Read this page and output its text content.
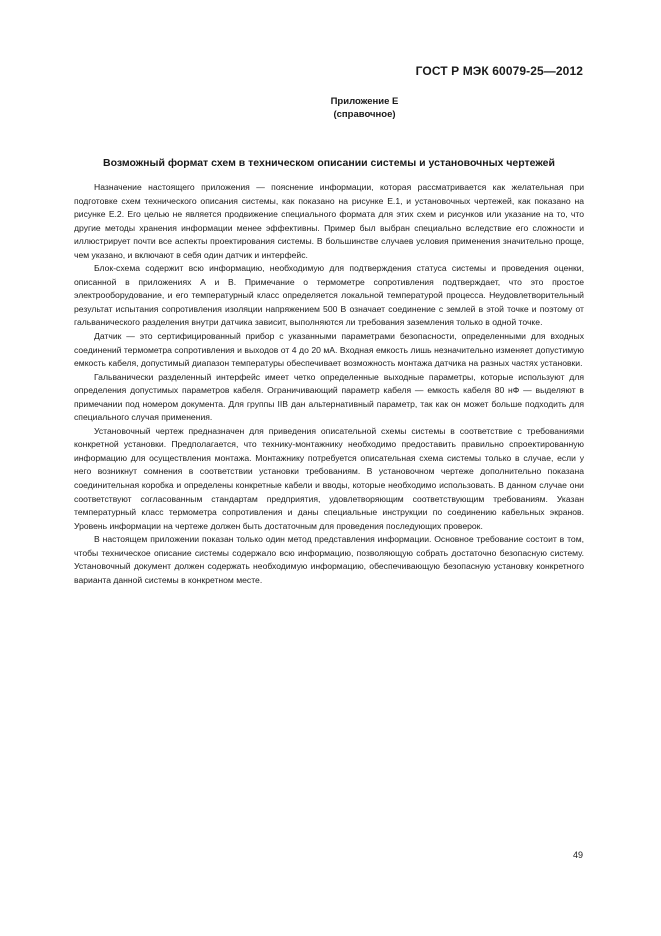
ГОСТ Р МЭК 60079-25—2012
Приложение Е
(справочное)
Возможный формат схем в техническом описании системы и установочных чертежей

Назначение настоящего приложения — пояснение информации, которая рассматривается как желательная при подготовке схем технического описания системы, как показано на рисунке Е.1, и установочных чертежей, как показано на рисунке Е.2. Его целью не является продвижение специального формата для этих схем и рисунков или указание на то, что другие методы хранения информации менее эффективны. Пример был выбран специально вследствие его сложности и иллюстрирует почти все аспекты проектирования системы. В большинстве случаев условия применения значительно проще, чем указано, и включают в себя один датчик и интерфейс.

Блок-схема содержит всю информацию, необходимую для подтверждения статуса системы и проведения оценки, описанной в приложениях А и В. Примечание о термометре сопротивления подтверждает, что это простое электрооборудование, и его температурный класс определяется локальной температурой процесса. Неудовлетворительный результат испытания сопротивления изоляции напряжением 500 В означает соединение с землей в этой точке и поэтому от гальванического разделения внутри датчика зависит, выполняются ли требования заземления только в одной точке.

Датчик — это сертифицированный прибор с указанными параметрами безопасности, определенными для входных соединений термометра сопротивления и выходов от 4 до 20 мА. Входная емкость лишь незначительно изменяет допустимую емкость кабеля, допустимый диапазон температуры обеспечивает возможность монтажа датчика на разных частях установки.

Гальванически разделенный интерфейс имеет четко определенные выходные параметры, которые используют для определения допустимых параметров кабеля. Ограничивающий параметр кабеля — емкость кабеля 80 нФ — выделяют в примечании под номером документа. Для группы IIВ дан альтернативный параметр, так как он может больше подходить для специального случая применения.

Установочный чертеж предназначен для приведения описательной схемы системы в соответствие с требованиями конкретной установки. Предполагается, что технику-монтажнику необходимо предоставить правильно спроектированную информацию для осуществления монтажа. Монтажнику потребуется описательная схема системы только в случае, если у него возникнут сомнения в соответствии установки требованиям. В установочном чертеже дополнительно показана соединительная коробка и определены конкретные кабели и вводы, которые необходимо использовать. В данном случае они соответствуют согласованным стандартам предприятия, удовлетворяющим соответствующим требованиям. Указан температурный класс термометра сопротивления и даны специальные инструкции по соединению кабельных экранов. Уровень информации на чертеже должен быть достаточным для проведения последующих проверок.

В настоящем приложении показан только один метод представления информации. Основное требование состоит в том, чтобы техническое описание системы содержало всю информацию, позволяющую собрать достаточно безопасную систему. Установочный документ должен содержать необходимую информацию, обеспечивающую безопасную установку конкретного варианта данной системы в конкретном месте.

49
